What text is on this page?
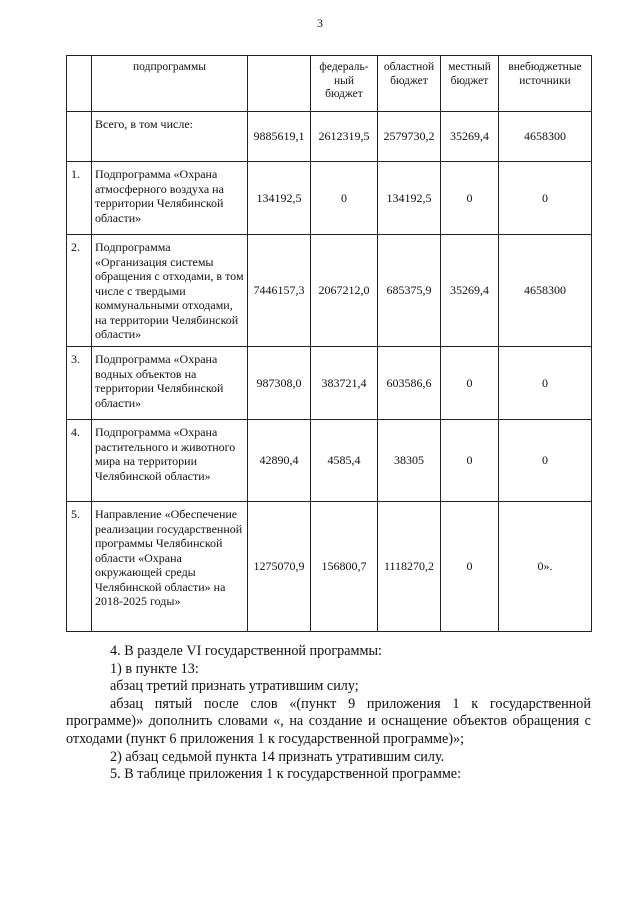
3
	подпрограммы		федераль-ный бюджет	областной бюджет	местный бюджет	внебюджетные источники
	Всего, в том числе:	9885619,1	2612319,5	2579730,2	35269,4	4658300
1.	Подпрограмма «Охрана атмосферного воздуха на территории Челябинской области»	134192,5	0	134192,5	0	0
2.	Подпрограмма «Организация системы обращения с отходами, в том числе с твердыми коммунальными отходами, на территории Челябинской области»	7446157,3	2067212,0	685375,9	35269,4	4658300
3.	Подпрограмма «Охрана водных объектов на территории Челябинской области»	987308,0	383721,4	603586,6	0	0
4.	Подпрограмма «Охрана растительного и животного мира на территории Челябинской области»	42890,4	4585,4	38305	0	0
5.	Направление «Обеспечение реализации государственной программы Челябинской области «Охрана окружающей среды Челябинской области» на 2018-2025 годы»	1275070,9	156800,7	1118270,2	0	0».

4. В разделе VI государственной программы:

1) в пункте 13:

абзац третий признать утратившим силу;

абзац пятый после слов «(пункт 9 приложения 1 к государственной программе)» дополнить словами «, на создание и оснащение объектов обращения с отходами (пункт 6 приложения 1 к государственной программе)»;

2) абзац седьмой пункта 14 признать утратившим силу.

5. В таблице приложения 1 к государственной программе:
